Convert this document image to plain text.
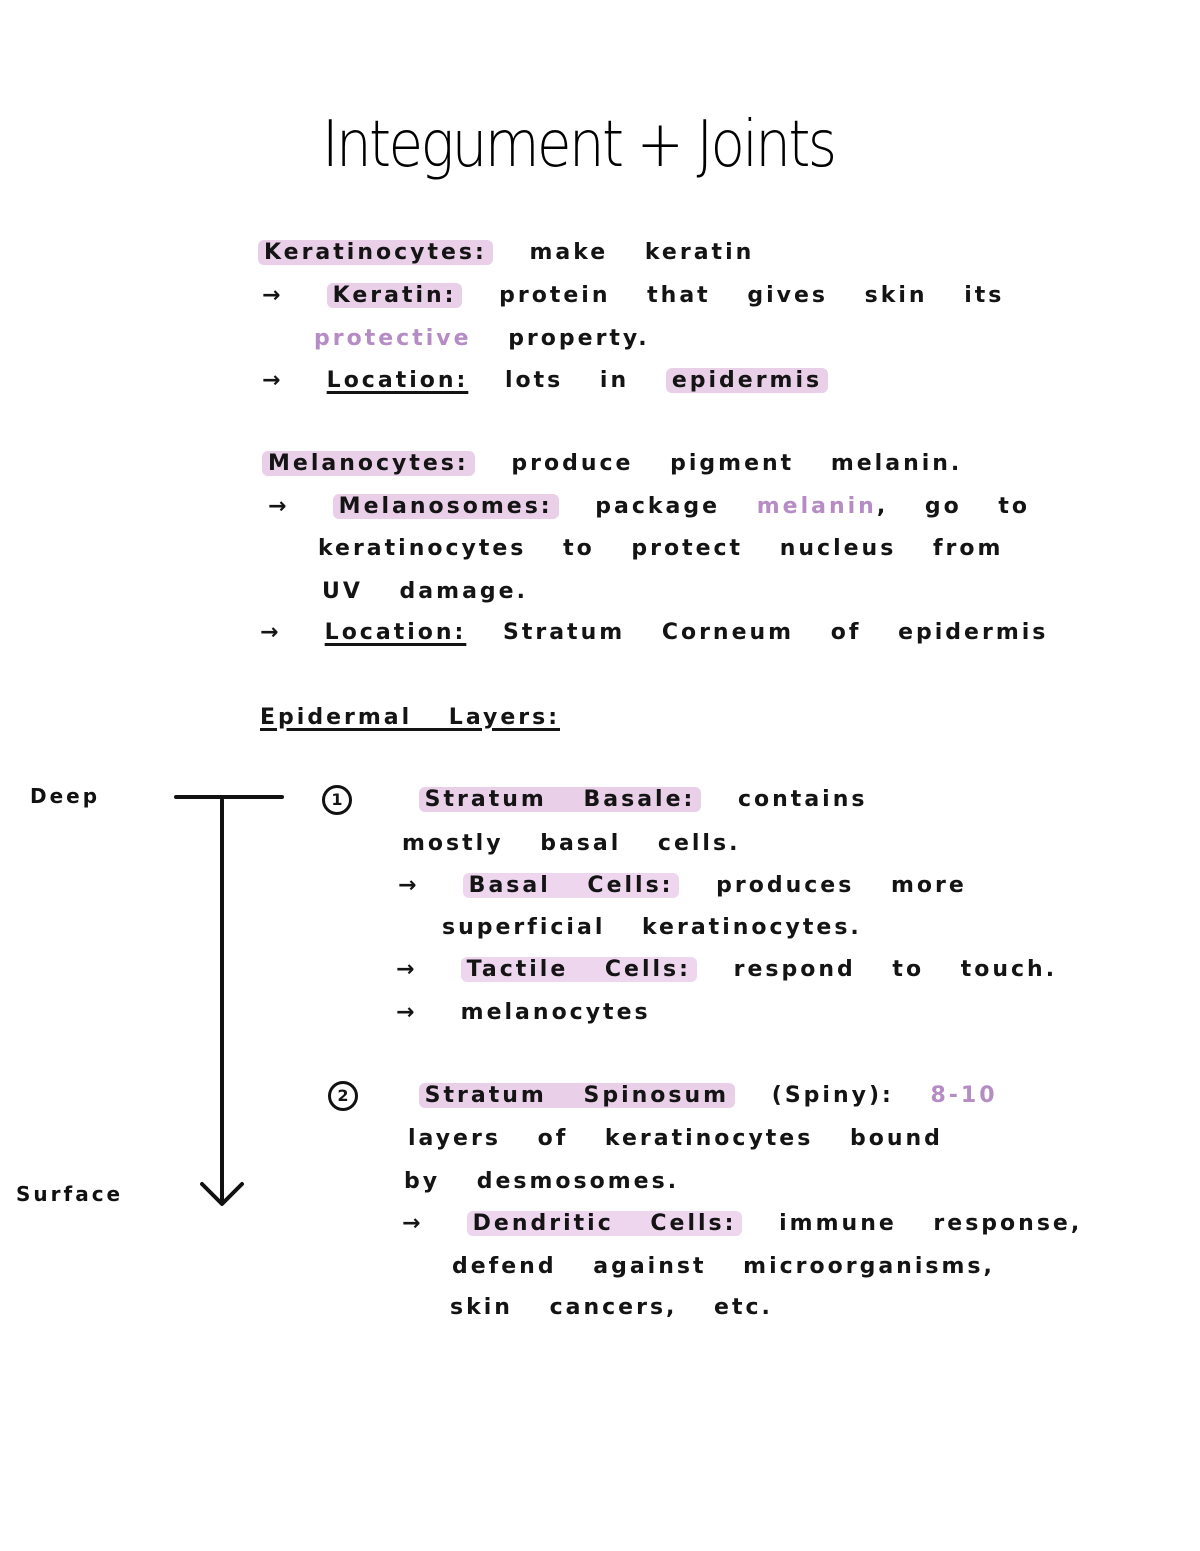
Integument + Joints
Keratinocytes: make keratin
→ Keratin: protein that gives skin its
protective property.
→ Location: lots in epidermis
Melanocytes: produce pigment melanin.
→ Melanosomes: package melanin, go to
keratinocytes to protect nucleus from
UV damage.
→ Location: Stratum Corneum of epidermis
Epidermal Layers:
Deep
Surface
1	Stratum Basale: contains
mostly basal cells.
→ Basal Cells: produces more
superficial keratinocytes.
→ Tactile Cells: respond to touch.
→ melanocytes
2	Stratum Spinosum (Spiny): 8-10
layers of keratinocytes bound
by desmosomes.
→ Dendritic Cells: immune response,
defend against microorganisms,
skin cancers, etc.
